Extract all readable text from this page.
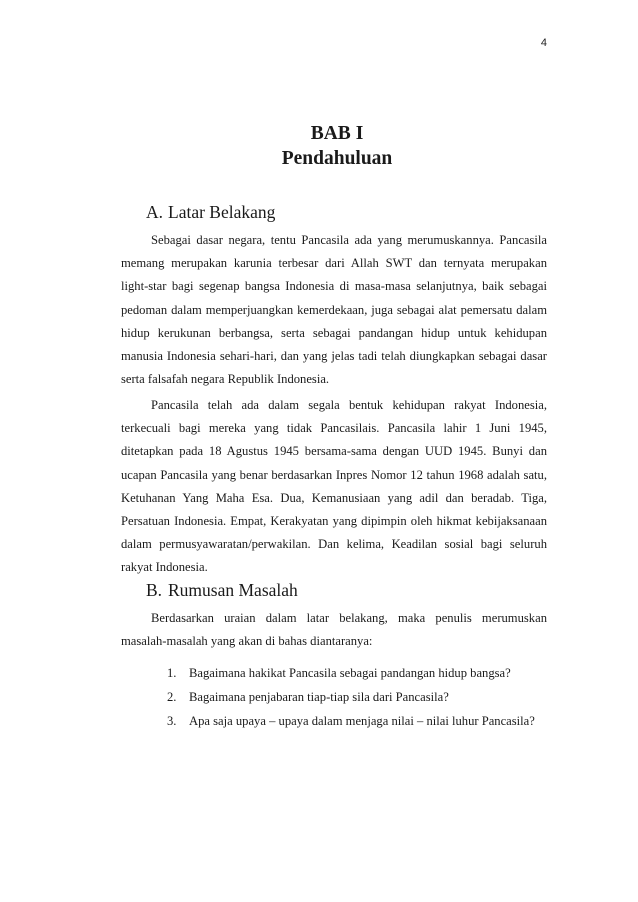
4
BAB I
Pendahuluan
A. Latar Belakang
Sebagai dasar negara, tentu Pancasila ada yang merumuskannya. Pancasila
memang merupakan karunia terbesar dari Allah SWT dan ternyata merupakan
light-star bagi segenap bangsa Indonesia di masa-masa selanjutnya, baik sebagai
pedoman dalam memperjuangkan kemerdekaan, juga sebagai alat pemersatu dalam
hidup kerukunan berbangsa, serta sebagai pandangan hidup untuk kehidupan
manusia Indonesia sehari-hari, dan yang jelas tadi telah diungkapkan sebagai dasar
serta falsafah negara Republik Indonesia.
Pancasila telah ada dalam segala bentuk kehidupan rakyat Indonesia,
terkecuali bagi mereka yang tidak Pancasilais. Pancasila lahir 1 Juni 1945,
ditetapkan pada 18 Agustus 1945 bersama-sama dengan UUD 1945. Bunyi dan
ucapan Pancasila yang benar berdasarkan Inpres Nomor 12 tahun 1968 adalah satu,
Ketuhanan Yang Maha Esa. Dua, Kemanusiaan yang adil dan beradab. Tiga,
Persatuan Indonesia. Empat, Kerakyatan yang dipimpin oleh hikmat kebijaksanaan
dalam permusyawaratan/perwakilan. Dan kelima, Keadilan sosial bagi seluruh
rakyat Indonesia.
B. Rumusan Masalah
Berdasarkan uraian dalam latar belakang, maka penulis merumuskan
masalah-masalah yang akan di bahas diantaranya:
1. Bagaimana hakikat Pancasila sebagai pandangan hidup bangsa?
2. Bagaimana penjabaran tiap-tiap sila dari Pancasila?
3. Apa saja upaya – upaya dalam menjaga nilai – nilai luhur Pancasila?
